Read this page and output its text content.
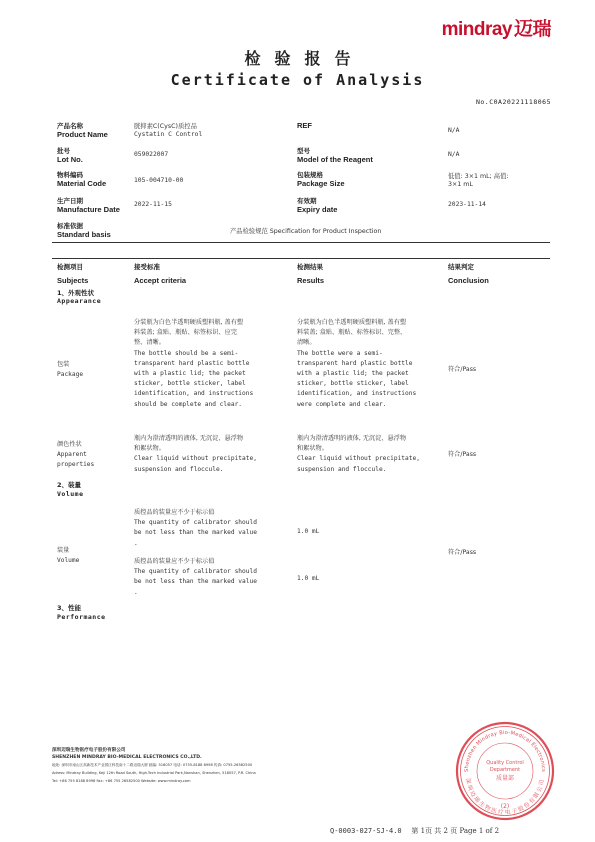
mindray 迈瑞
检验报告
Certificate of Analysis
No.C0A20221118065
产品名称
Product Name
胱抑素C(CysC)质控品
Cystatin C Control
批号
Lot No.
059022007
物料编码
Material Code	105-004710-00
生产日期
Manufacture Date
2022-11-15
标准依据
Standard basis	产品检验规范 Specification for Product Inspection
REF
N/A
型号
Model of the Reagent
N/A
包装规格
Package Size
低值: 3×1 mL; 高值:
3×1 mL
有效期
Expiry date
2023-11-14
检测项目
Subjects
接受标准
Accept criteria
检测结果
Results
结果判定
Conclusion
1、外观性状
Appearance
包装
Package
分装瓶为白色半透明硬质塑料瓶, 盖有塑
料装盖; 盒贴、瓶贴、标签标识、应完
整、清晰。
The bottle should be a semi-
transparent hard plastic bottle
with a plastic lid; the packet
sticker, bottle sticker, label
identification, and instructions
should be complete and clear.
分装瓶为白色半透明硬质塑料瓶, 盖有塑
料装盖; 盒贴、瓶贴、标签标识、完整、
清晰。
The bottle were a semi-
transparent hard plastic bottle
with a plastic lid; the packet
sticker, bottle sticker, label
identification, and instructions
were complete and clear.
符合/Pass
颜色性状
Apparent
properties
瓶内为澄清透明的液体, 无沉淀、悬浮物
和絮状物。
Clear liquid without precipitate,
suspension and floccule.
瓶内为澄清透明的液体, 无沉淀、悬浮物
和絮状物。
Clear liquid without precipitate,
suspension and floccule.
符合/Pass
2、装量
Volume
装量
Volume
质控品的装量应不少于标示值
The quantity of calibrator should
be not less than the marked value
.
质控品的装量应不少于标示值
The quantity of calibrator should
be not less than the marked value
.
1.0 mL
1.0 mL
符合/Pass
3、性能
Performance
深圳迈瑞生物医疗电子股份有限公司
SHENZHEN MINDRAY BIO-MEDICAL ELECTRONICS CO.,LTD.
地址: 深圳市南山区高新技术产业园区科技南十二路迈瑞大厦 邮编: 518057 电话: 0755-8188 8998 传真: 0755-26582500
Adress: Mindray Building, Keji 12th Road South, High-Tech Industrial Park,Nanshan, Shenzhen, 518057, P.R. China
Tel: +86 755 8188 8998 Fax: +86 755 26582500 Website: www.mindray.com
Shenzhen Mindray Bio-Medical Electronics
深圳迈瑞生物医疗电子股份有限公司
Quality Control
Department
质量部
(2)
Q-0003-027-SJ-4.0 第 1页 共 2 页 Page 1 of 2
